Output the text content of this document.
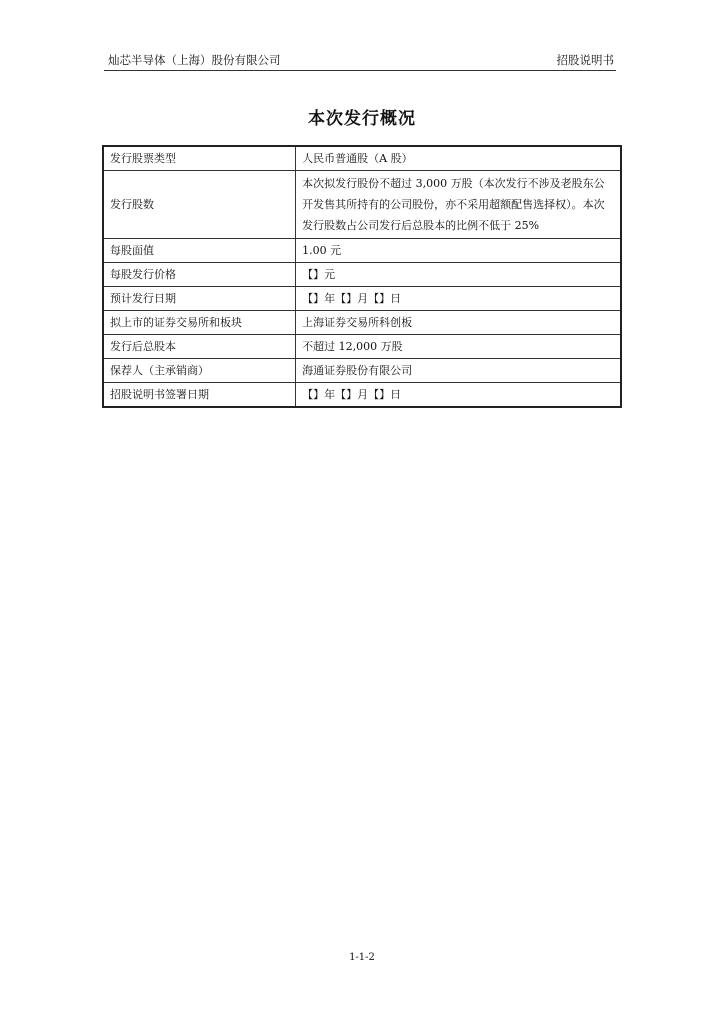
灿芯半导体（上海）股份有限公司	招股说明书
本次发行概况
发行股票类型	人民币普通股（A 股）
发行股数	本次拟发行股份不超过 3,000 万股（本次发行不涉及老股东公开发售其所持有的公司股份，亦不采用超额配售选择权）。本次发行股数占公司发行后总股本的比例不低于 25%
每股面值	1.00 元
每股发行价格	【】元
预计发行日期	【】年【】月【】日
拟上市的证券交易所和板块	上海证券交易所科创板
发行后总股本	不超过 12,000 万股
保荐人（主承销商）	海通证券股份有限公司
招股说明书签署日期	【】年【】月【】日
1-1-2
